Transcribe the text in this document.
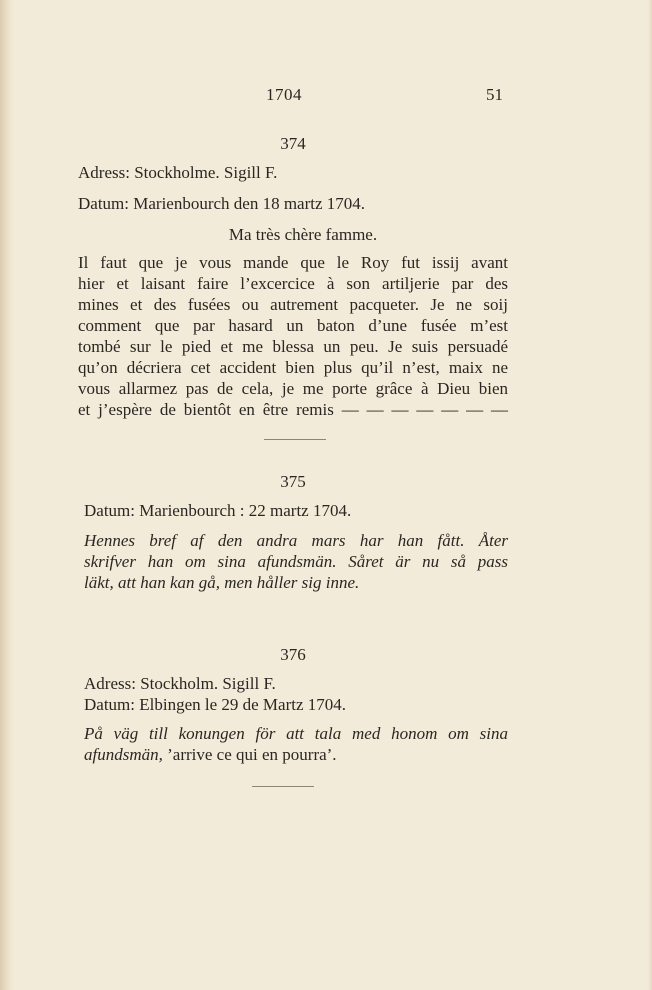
1704	51
374
Adress: Stockholme. Sigill F.
Datum: Marienbourch den 18 martz 1704.
Ma très chère famme.
Il faut que je vous mande que le Roy fut issij avant
hier et laisant faire l’excercice à son artiljerie par des
mines et des fusées ou autrement pacqueter. Je ne soij
comment que par hasard un baton d’une fusée m’est
tombé sur le pied et me blessa un peu. Je suis persuadé
qu’on décriera cet accident bien plus qu’il n’est, maix ne
vous allarmez pas de cela, je me porte grâce à Dieu bien
et j’espère de bientôt en être remis — — — — — — —
375
Datum: Marienbourch : 22 martz 1704.
Hennes bref af den andra mars har han fått. Åter
skrifver han om sina afundsmän. Såret är nu så pass
läkt, att han kan gå, men håller sig inne.
376
Adress: Stockholm. Sigill F.
Datum: Elbingen le 29 de Martz 1704.
På väg till konungen för att tala med honom om sina
afundsmän, ’arrive ce qui en pourra’.
